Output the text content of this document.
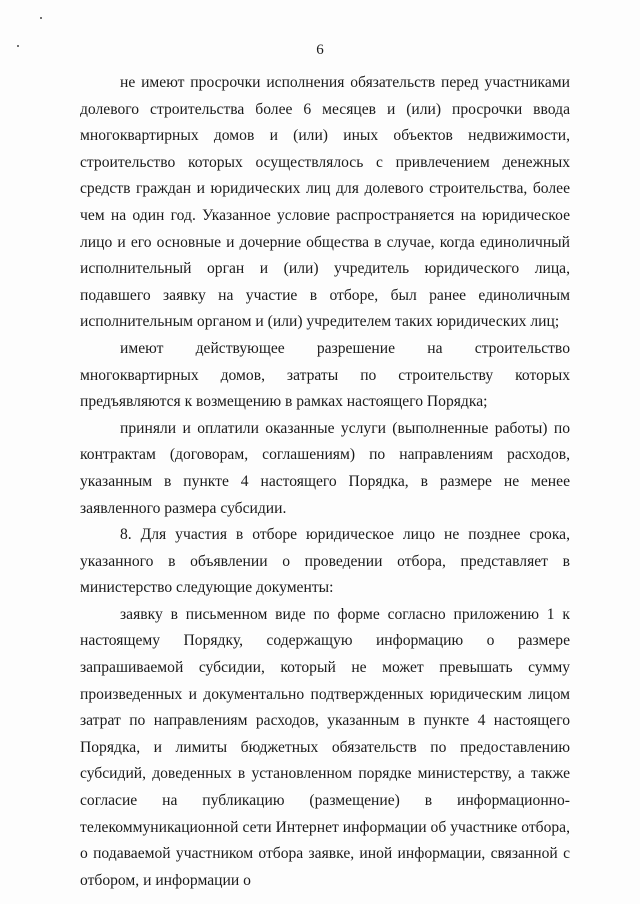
6

не имеют просрочки исполнения обязательств перед участниками долевого строительства более 6 месяцев и (или) просрочки ввода многоквартирных домов и (или) иных объектов недвижимости, строительство которых осуществлялось с привлечением денежных средств граждан и юридических лиц для долевого строительства, более чем на один год. Указанное условие распространяется на юридическое лицо и его основные и дочерние общества в случае, когда единоличный исполнительный орган и (или) учредитель юридического лица, подавшего заявку на участие в отборе, был ранее единоличным исполнительным органом и (или) учредителем таких юридических лиц;

имеют действующее разрешение на строительство многоквартирных домов, затраты по строительству которых предъявляются к возмещению в рамках настоящего Порядка;

приняли и оплатили оказанные услуги (выполненные работы) по контрактам (договорам, соглашениям) по направлениям расходов, указанным в пункте 4 настоящего Порядка, в размере не менее заявленного размера субсидии.

8. Для участия в отборе юридическое лицо не позднее срока, указанного в объявлении о проведении отбора, представляет в министерство следующие документы:

заявку в письменном виде по форме согласно приложению 1 к настоящему Порядку, содержащую информацию о размере запрашиваемой субсидии, который не может превышать сумму произведенных и документально подтвержденных юридическим лицом затрат по направлениям расходов, указанным в пункте 4 настоящего Порядка, и лимиты бюджетных обязательств по предоставлению субсидий, доведенных в установленном порядке министерству, а также согласие на публикацию (размещение) в информационно-телекоммуникационной сети Интернет информации об участнике отбора, о подаваемой участником отбора заявке, иной информации, связанной с отбором, и информации о
